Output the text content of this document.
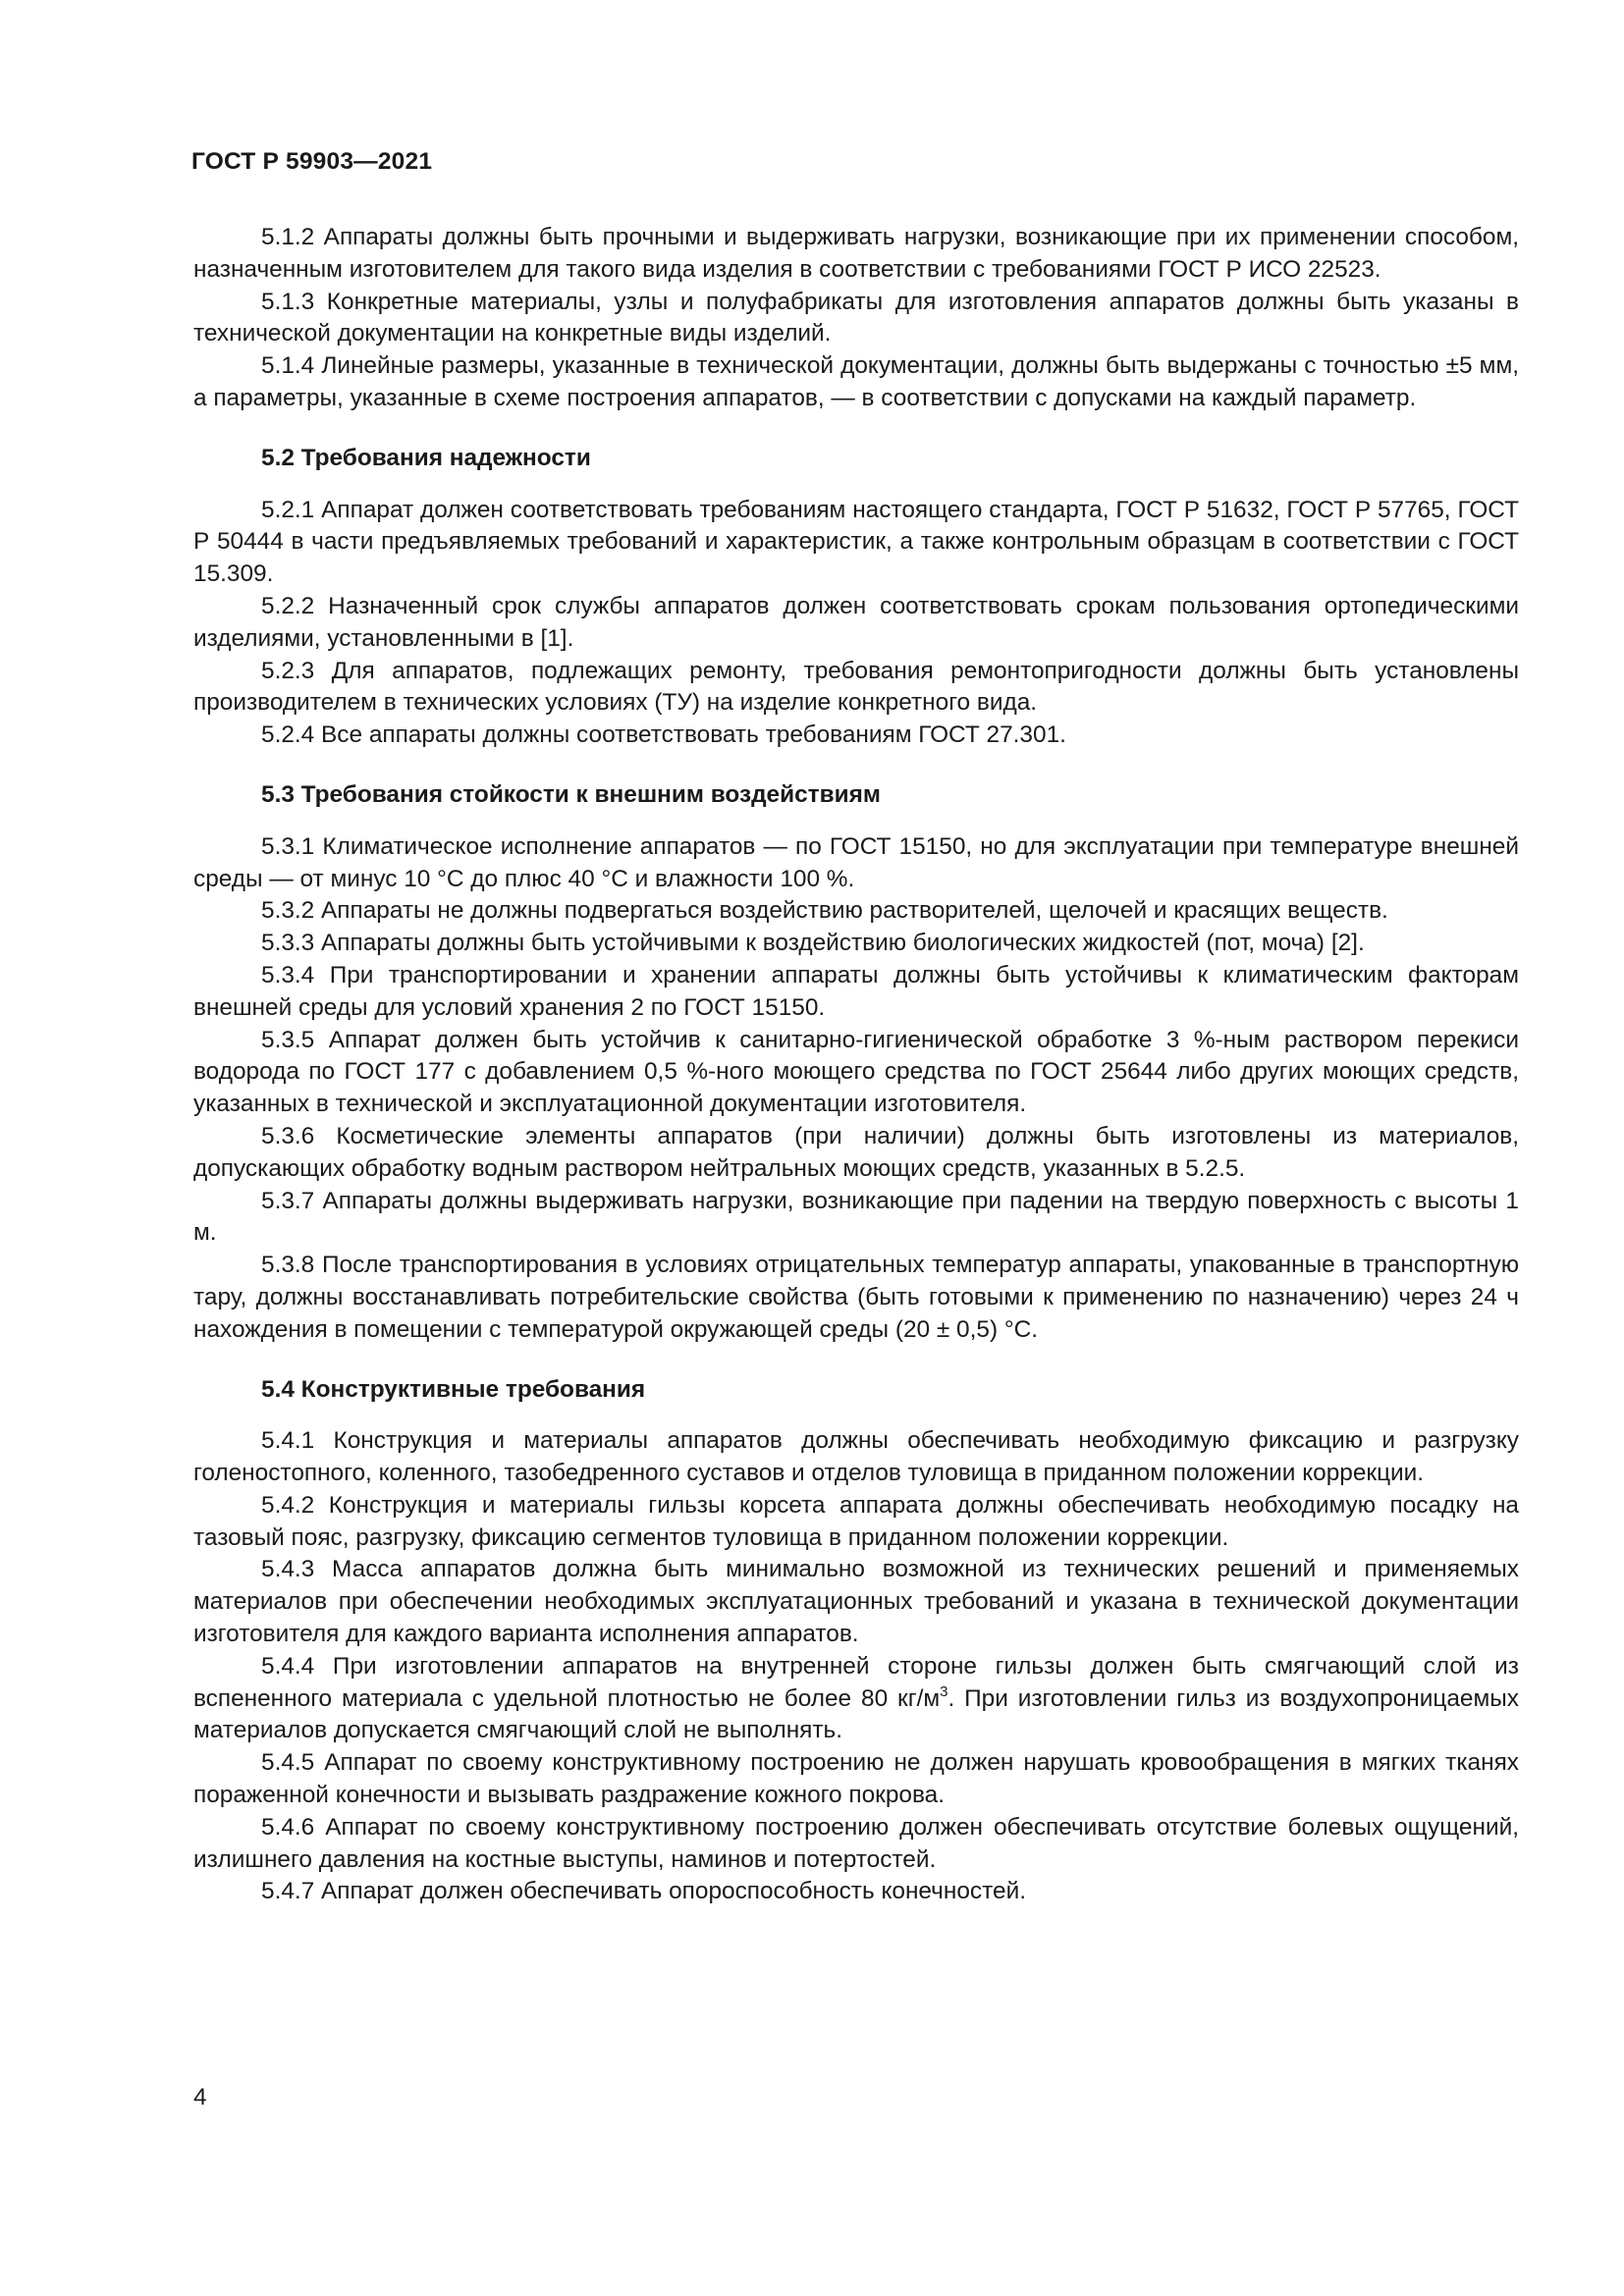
ГОСТ Р 59903—2021

5.1.2 Аппараты должны быть прочными и выдерживать нагрузки, возникающие при их применении способом, назначенным изготовителем для такого вида изделия в соответствии с требованиями ГОСТ Р ИСО 22523.

5.1.3 Конкретные материалы, узлы и полуфабрикаты для изготовления аппаратов должны быть указаны в технической документации на конкретные виды изделий.

5.1.4 Линейные размеры, указанные в технической документации, должны быть выдержаны с точностью ±5 мм, а параметры, указанные в схеме построения аппаратов, — в соответствии с допусками на каждый параметр.

5.2 Требования надежности

5.2.1 Аппарат должен соответствовать требованиям настоящего стандарта, ГОСТ Р 51632, ГОСТ Р 57765, ГОСТ Р 50444 в части предъявляемых требований и характеристик, а также контрольным образцам в соответствии с ГОСТ 15.309.

5.2.2 Назначенный срок службы аппаратов должен соответствовать срокам пользования ортопедическими изделиями, установленными в [1].

5.2.3 Для аппаратов, подлежащих ремонту, требования ремонтопригодности должны быть установлены производителем в технических условиях (ТУ) на изделие конкретного вида.

5.2.4 Все аппараты должны соответствовать требованиям ГОСТ 27.301.

5.3 Требования стойкости к внешним воздействиям

5.3.1 Климатическое исполнение аппаратов — по ГОСТ 15150, но для эксплуатации при температуре внешней среды — от минус 10 °С до плюс 40 °С и влажности 100 %.

5.3.2 Аппараты не должны подвергаться воздействию растворителей, щелочей и красящих веществ.

5.3.3 Аппараты должны быть устойчивыми к воздействию биологических жидкостей (пот, моча) [2].

5.3.4 При транспортировании и хранении аппараты должны быть устойчивы к климатическим факторам внешней среды для условий хранения 2 по ГОСТ 15150.

5.3.5 Аппарат должен быть устойчив к санитарно-гигиенической обработке 3 %-ным раствором перекиси водорода по ГОСТ 177 с добавлением 0,5 %-ного моющего средства по ГОСТ 25644 либо других моющих средств, указанных в технической и эксплуатационной документации изготовителя.

5.3.6 Косметические элементы аппаратов (при наличии) должны быть изготовлены из материалов, допускающих обработку водным раствором нейтральных моющих средств, указанных в 5.2.5.

5.3.7 Аппараты должны выдерживать нагрузки, возникающие при падении на твердую поверхность с высоты 1 м.

5.3.8 После транспортирования в условиях отрицательных температур аппараты, упакованные в транспортную тару, должны восстанавливать потребительские свойства (быть готовыми к применению по назначению) через 24 ч нахождения в помещении с температурой окружающей среды (20 ± 0,5) °С.

5.4 Конструктивные требования

5.4.1 Конструкция и материалы аппаратов должны обеспечивать необходимую фиксацию и разгрузку голеностопного, коленного, тазобедренного суставов и отделов туловища в приданном положении коррекции.

5.4.2 Конструкция и материалы гильзы корсета аппарата должны обеспечивать необходимую посадку на тазовый пояс, разгрузку, фиксацию сегментов туловища в приданном положении коррекции.

5.4.3 Масса аппаратов должна быть минимально возможной из технических решений и применяемых материалов при обеспечении необходимых эксплуатационных требований и указана в технической документации изготовителя для каждого варианта исполнения аппаратов.

5.4.4 При изготовлении аппаратов на внутренней стороне гильзы должен быть смягчающий слой из вспененного материала с удельной плотностью не более 80 $кг/м^3$. При изготовлении гильз из воздухопроницаемых материалов допускается смягчающий слой не выполнять.

5.4.5 Аппарат по своему конструктивному построению не должен нарушать кровообращения в мягких тканях пораженной конечности и вызывать раздражение кожного покрова.

5.4.6 Аппарат по своему конструктивному построению должен обеспечивать отсутствие болевых ощущений, излишнего давления на костные выступы, наминов и потертостей.

5.4.7 Аппарат должен обеспечивать опороспособность конечностей.

4
